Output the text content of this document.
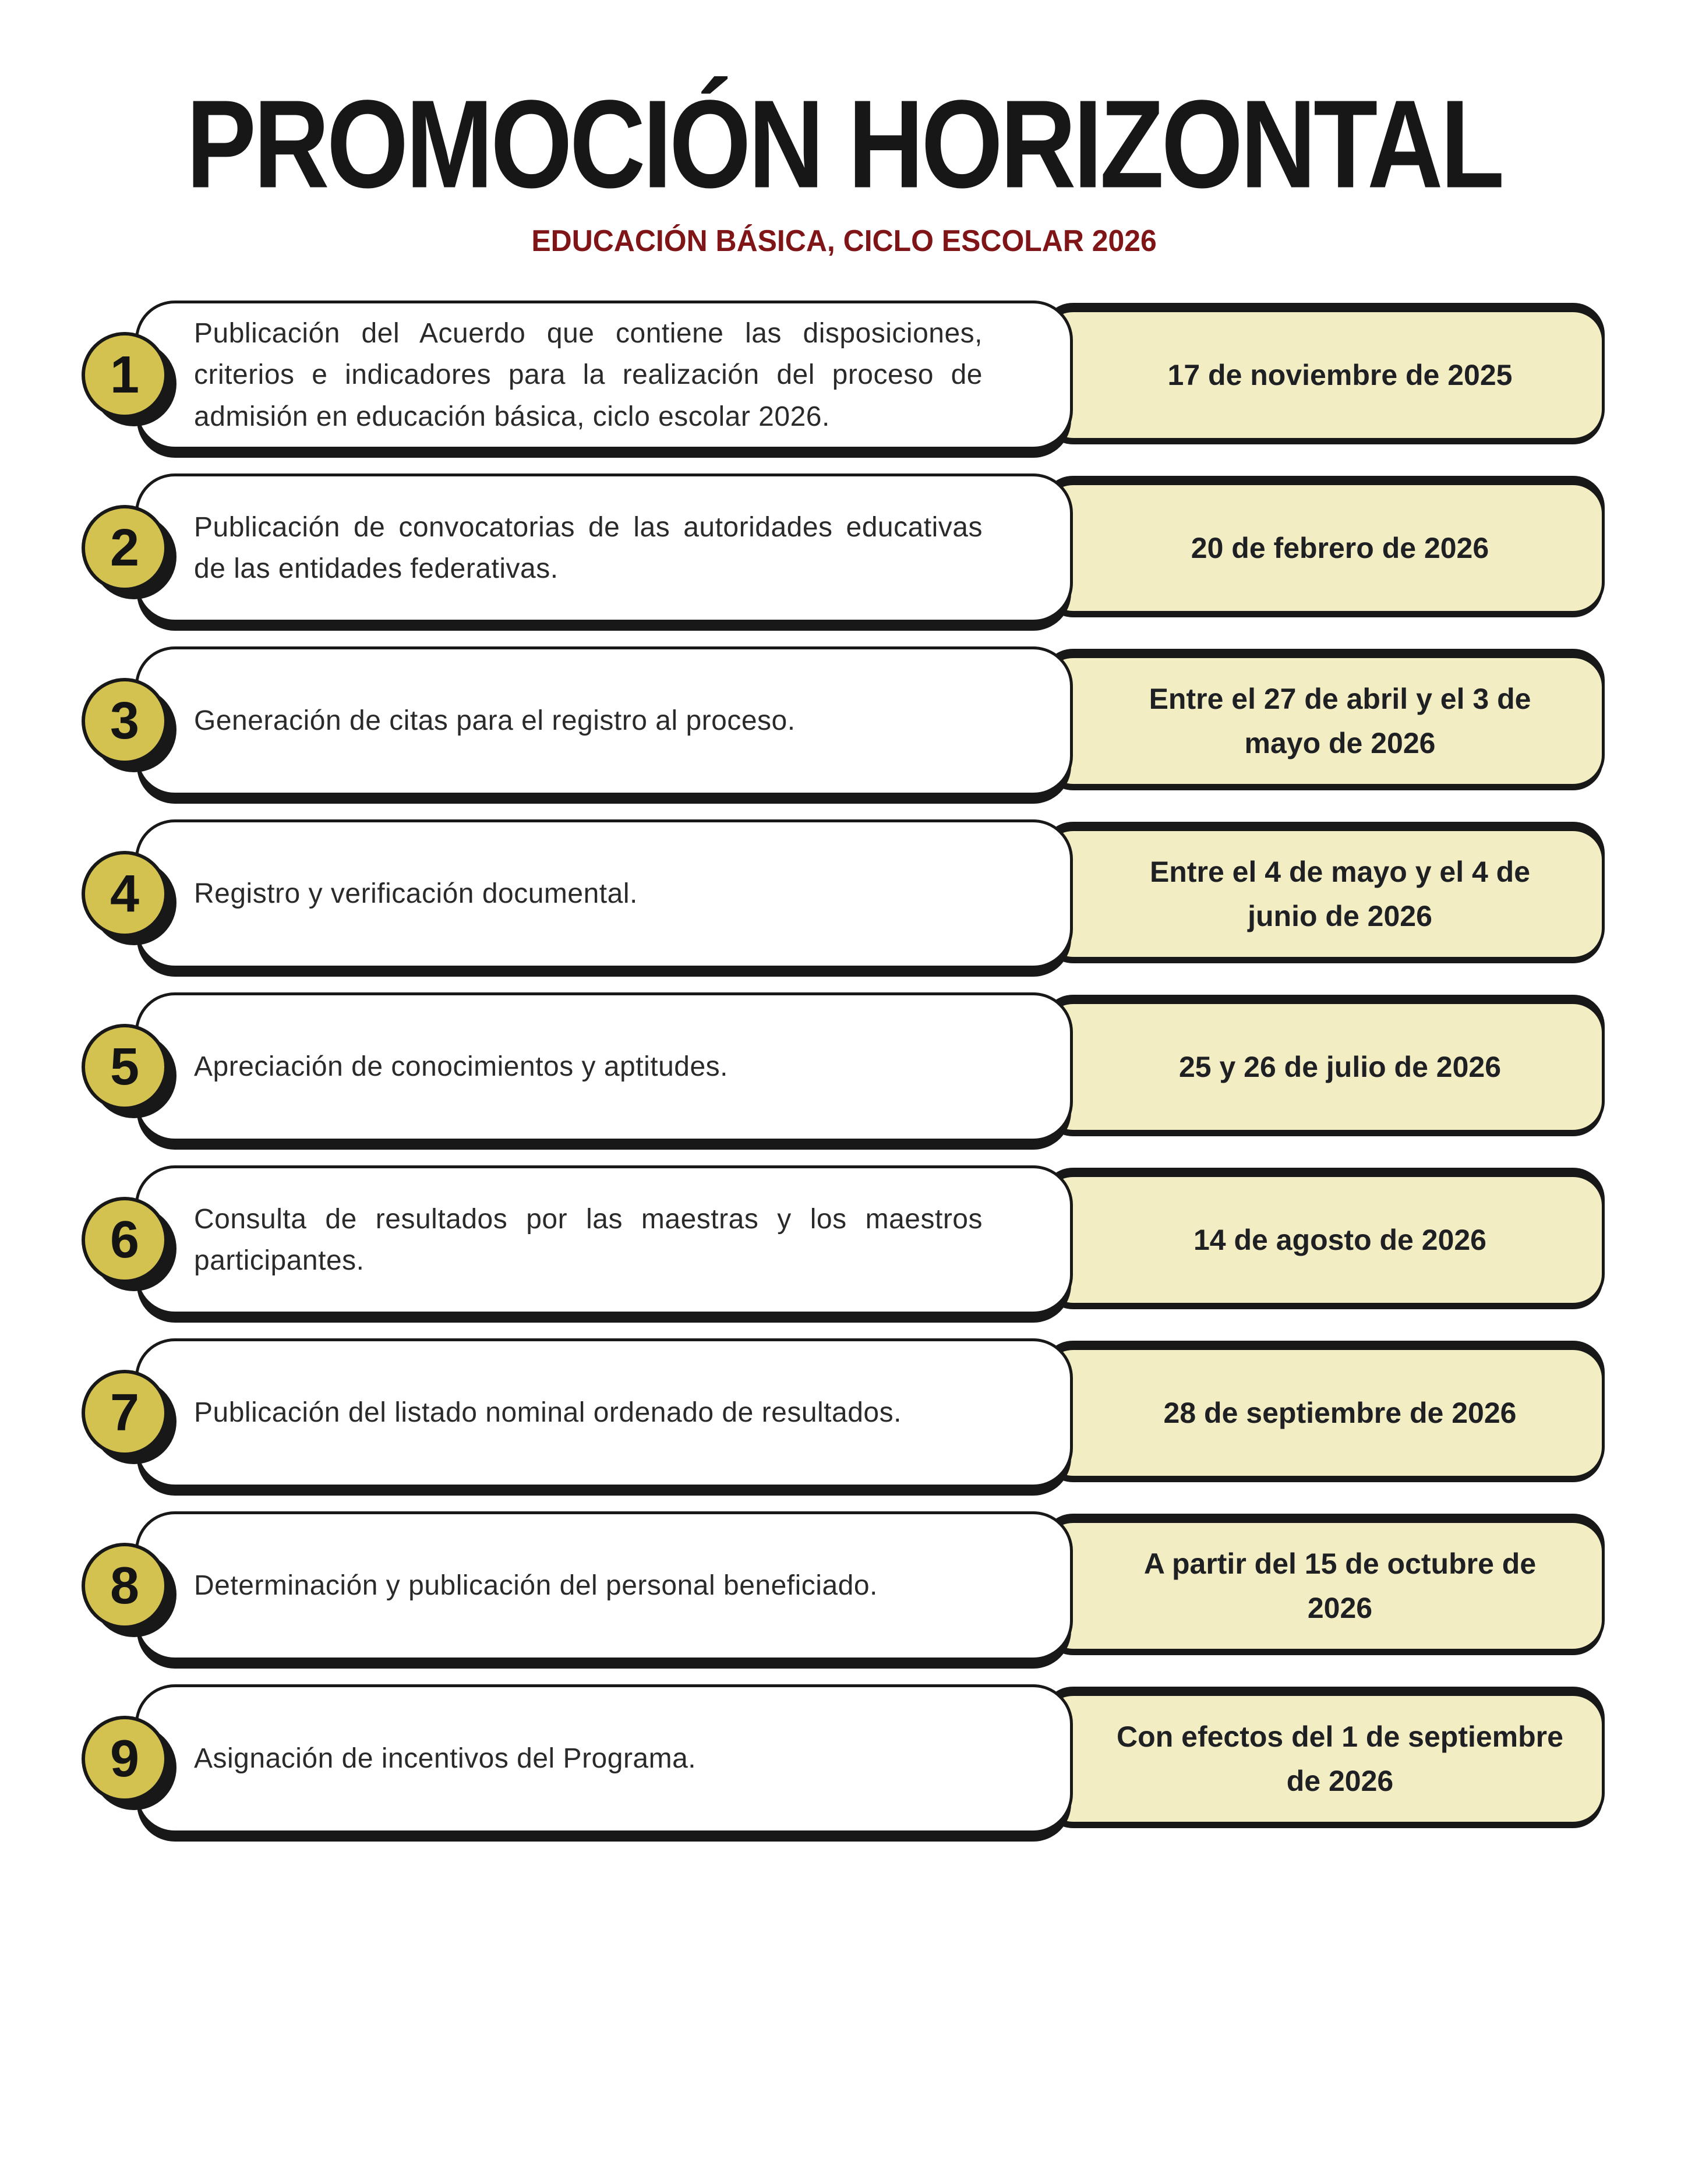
PROMOCIÓN HORIZONTAL
EDUCACIÓN BÁSICA, CICLO ESCOLAR 2026

17 de noviembre de 2025

Publicación del Acuerdo que contiene las disposiciones, criterios e indicadores para la realización del proceso de admisión en educación básica, ciclo escolar 2026.

1

20 de febrero de 2026

Publicación de convocatorias de las autoridades educativas de las entidades federativas.

2

Entre el 27 de abril y el 3 de mayo de 2026

Generación de citas para el registro al proceso.

3

Entre el 4 de mayo y el 4 de junio de 2026

Registro y verificación documental.

4

25 y 26 de julio de 2026

Apreciación de conocimientos y aptitudes.

5

14 de agosto de 2026

Consulta de resultados por las maestras y los maestros participantes.

6

28 de septiembre de 2026

Publicación del listado nominal ordenado de resultados.

7

A partir del 15 de octubre de 2026

Determinación y publicación del personal beneficiado.

8

Con efectos del 1 de septiembre de 2026

Asignación de incentivos del Programa.

9
